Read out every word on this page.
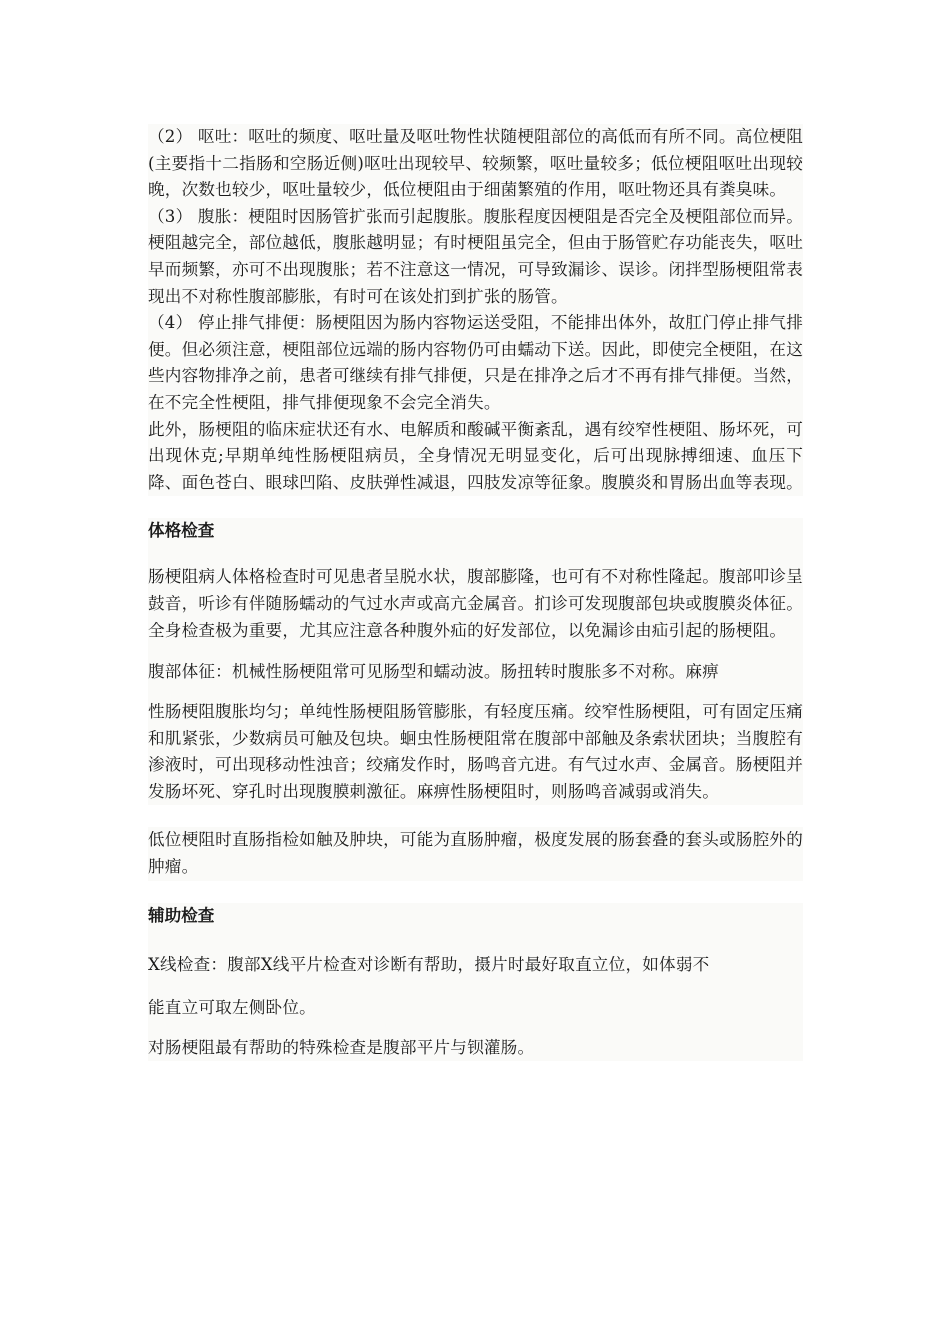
（2） 呕吐：呕吐的频度、呕吐量及呕吐物性状随梗阻部位的高低而有所不同。高位梗阻(主要指十二指肠和空肠近侧)呕吐出现较早、较频繁，呕吐量较多；低位梗阻呕吐出现较晚，次数也较少，呕吐量较少，低位梗阻由于细菌繁殖的作用，呕吐物还具有粪臭味。

（3） 腹胀：梗阻时因肠管扩张而引起腹胀。腹胀程度因梗阻是否完全及梗阻部位而异。梗阻越完全，部位越低，腹胀越明显；有时梗阻虽完全，但由于肠管贮存功能丧失，呕吐早而频繁，亦可不出现腹胀；若不注意这一情况，可导致漏诊、误诊。闭拌型肠梗阻常表现出不对称性腹部膨胀，有时可在该处扪到扩张的肠管。

（4） 停止排气排便：肠梗阻因为肠内容物运送受阻，不能排出体外，故肛门停止排气排便。但必须注意，梗阻部位远端的肠内容物仍可由蠕动下送。因此，即使完全梗阻，在这些内容物排净之前，患者可继续有排气排便，只是在排净之后才不再有排气排便。当然，在不完全性梗阻，排气排便现象不会完全消失。

此外，肠梗阻的临床症状还有水、电解质和酸碱平衡紊乱，遇有绞窄性梗阻、肠坏死，可出现休克;早期单纯性肠梗阻病员，全身情况无明显变化，后可出现脉搏细速、血压下降、面色苍白、眼球凹陷、皮肤弹性减退，四肢发凉等征象。腹膜炎和胃肠出血等表现。

体格检查

肠梗阻病人体格检查时可见患者呈脱水状，腹部膨隆，也可有不对称性隆起。腹部叩诊呈鼓音，听诊有伴随肠蠕动的气过水声或高亢金属音。扪诊可发现腹部包块或腹膜炎体征。全身检查极为重要，尤其应注意各种腹外疝的好发部位，以免漏诊由疝引起的肠梗阻。

腹部体征：机械性肠梗阻常可见肠型和蠕动波。肠扭转时腹胀多不对称。麻痹

性肠梗阻腹胀均匀；单纯性肠梗阻肠管膨胀，有轻度压痛。绞窄性肠梗阻，可有固定压痛和肌紧张，少数病员可触及包块。蛔虫性肠梗阻常在腹部中部触及条索状团块；当腹腔有渗液时，可出现移动性浊音；绞痛发作时，肠鸣音亢进。有气过水声、金属音。肠梗阻并发肠坏死、穿孔时出现腹膜刺激征。麻痹性肠梗阻时，则肠鸣音减弱或消失。

低位梗阻时直肠指检如触及肿块，可能为直肠肿瘤，极度发展的肠套叠的套头或肠腔外的肿瘤。

辅助检查

X线检查：腹部X线平片检查对诊断有帮助，摄片时最好取直立位，如体弱不

能直立可取左侧卧位。

对肠梗阻最有帮助的特殊检查是腹部平片与钡灌肠。
